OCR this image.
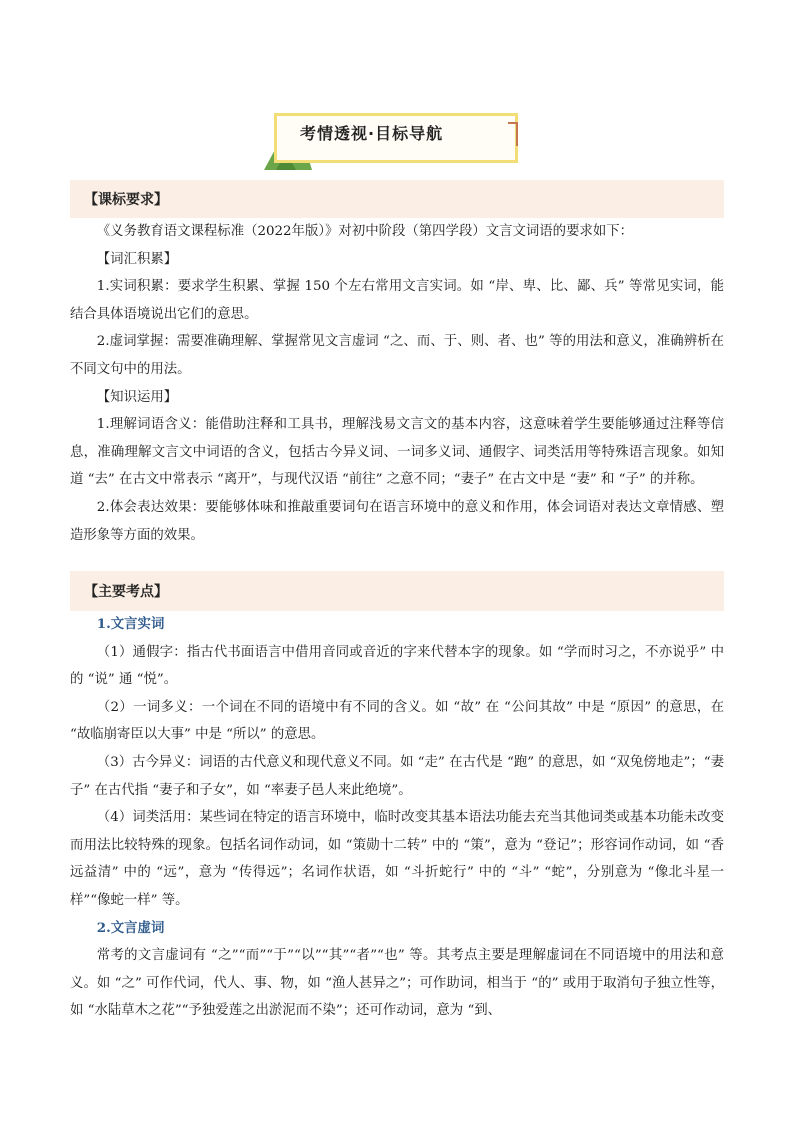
考情透视·目标导航
【课标要求】

《义务教育语文课程标准（2022年版）》对初中阶段（第四学段）文言文词语的要求如下：

【词汇积累】

1.实词积累：要求学生积累、掌握 150 个左右常用文言实词。如 “岸、卑、比、鄙、兵” 等常见实词，能结合具体语境说出它们的意思。

2.虚词掌握：需要准确理解、掌握常见文言虚词 “之、而、于、则、者、也” 等的用法和意义，准确辨析在不同文句中的用法。

【知识运用】

1.理解词语含义：能借助注释和工具书，理解浅易文言文的基本内容，这意味着学生要能够通过注释等信息，准确理解文言文中词语的含义，包括古今异义词、一词多义词、通假字、词类活用等特殊语言现象。如知道 “去” 在古文中常表示 “离开”，与现代汉语 “前往” 之意不同；“妻子” 在古文中是 “妻” 和 “子” 的并称。

2.体会表达效果：要能够体味和推敲重要词句在语言环境中的意义和作用，体会词语对表达文章情感、塑造形象等方面的效果。

【主要考点】

1.文言实词

（1）通假字：指古代书面语言中借用音同或音近的字来代替本字的现象。如 “学而时习之，不亦说乎” 中的 “说” 通 “悦”。

（2）一词多义：一个词在不同的语境中有不同的含义。如 “故” 在 “公问其故” 中是 “原因” 的意思，在 “故临崩寄臣以大事” 中是 “所以” 的意思。

（3）古今异义：词语的古代意义和现代意义不同。如 “走” 在古代是 “跑” 的意思，如 “双兔傍地走”；“妻子” 在古代指 “妻子和子女”，如 “率妻子邑人来此绝境”。

（4）词类活用：某些词在特定的语言环境中，临时改变其基本语法功能去充当其他词类或基本功能未改变而用法比较特殊的现象。包括名词作动词，如 “策勋十二转” 中的 “策”，意为 “登记”；形容词作动词，如 “香远益清” 中的 “远”，意为 “传得远”；名词作状语，如 “斗折蛇行” 中的 “斗” “蛇”，分别意为 “像北斗星一样”“像蛇一样” 等。

2.文言虚词

常考的文言虚词有 “之”“而”“于”“以”“其”“者”“也” 等。其考点主要是理解虚词在不同语境中的用法和意义。如 “之” 可作代词，代人、事、物，如 “渔人甚异之”；可作助词，相当于 “的” 或用于取消句子独立性等，如 “水陆草木之花”“予独爱莲之出淤泥而不染”；还可作动词，意为 “到、
